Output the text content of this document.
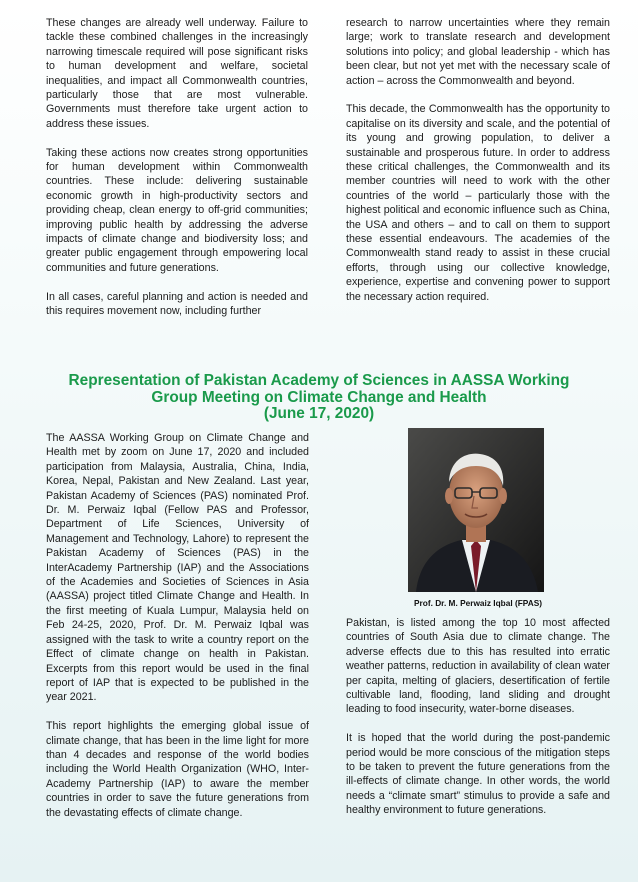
These changes are already well underway. Failure to tackle these combined challenges in the increasingly narrowing timescale required will pose significant risks to human development and welfare, societal inequalities, and impact all Commonwealth countries, particularly those that are most vulnerable. Governments must therefore take urgent action to address these issues.

Taking these actions now creates strong opportunities for human development within Commonwealth countries. These include: delivering sustainable economic growth in high-productivity sectors and providing cheap, clean energy to off-grid communities; improving public health by addressing the adverse impacts of climate change and biodiversity loss; and greater public engagement through empowering local communities and future generations.

In all cases, careful planning and action is needed and this requires movement now, including further

research to narrow uncertainties where they remain large; work to translate research and development solutions into policy; and global leadership - which has been clear, but not yet met with the necessary scale of action – across the Commonwealth and beyond.

This decade, the Commonwealth has the opportunity to capitalise on its diversity and scale, and the potential of its young and growing population, to deliver a sustainable and prosperous future. In order to address these critical challenges, the Commonwealth and its member countries will need to work with the other countries of the world – particularly those with the highest political and economic influence such as China, the USA and others – and to call on them to support these essential endeavours. The academies of the Commonwealth stand ready to assist in these crucial efforts, through using our collective knowledge, experience, expertise and convening power to support the necessary action required.

Representation of Pakistan Academy of Sciences in AASSA Working
Group Meeting on Climate Change and Health
(June 17, 2020)

The AASSA Working Group on Climate Change and Health met by zoom on June 17, 2020 and included participation from Malaysia, Australia, China, India, Korea, Nepal, Pakistan and New Zealand. Last year, Pakistan Academy of Sciences (PAS) nominated Prof. Dr. M. Perwaiz Iqbal (Fellow PAS and Professor, Department of Life Sciences, University of Management and Technology, Lahore) to represent the Pakistan Academy of Sciences (PAS) in the InterAcademy Partnership (IAP) and the Associations of the Academies and Societies of Sciences in Asia (AASSA) project titled Climate Change and Health. In the first meeting of Kuala Lumpur, Malaysia held on Feb 24-25, 2020, Prof. Dr. M. Perwaiz Iqbal was assigned with the task to write a country report on the Effect of climate change on health in Pakistan. Excerpts from this report would be used in the final report of IAP that is expected to be published in the year 2021.

This report highlights the emerging global issue of climate change, that has been in the lime light for more than 4 decades and response of the world bodies including the World Health Organization (WHO, Inter-Academy Partnership (IAP) to aware the member countries in order to save the future generations from the devastating effects of climate change.

Prof. Dr. M. Perwaiz Iqbal (FPAS)

Pakistan, is listed among the top 10 most affected countries of South Asia due to climate change. The adverse effects due to this has resulted into erratic weather patterns, reduction in availability of clean water per capita, melting of glaciers, desertification of fertile cultivable land, flooding, land sliding and drought leading to food insecurity, water-borne diseases.

It is hoped that the world during the post-pandemic period would be more conscious of the mitigation steps to be taken to prevent the future generations from the ill-effects of climate change. In other words, the world needs a “climate smart” stimulus to provide a safe and healthy environment to future generations.
